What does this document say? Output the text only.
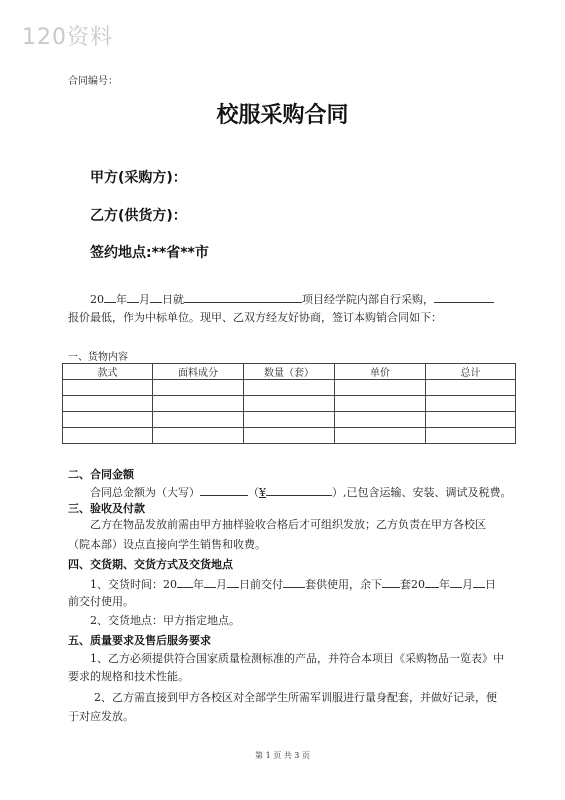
120资料
合同编号：
校服采购合同
甲方(采购方)：
乙方(供货方)：
签约地点:**省**市
20 年 月 日就	项目经学院内部自行采购，
报价最低，作为中标单位。现甲、乙双方经友好协商，签订本购销合同如下：
一、货物内容
款式	面料成分	数量（套）	单价	总计

二、合同金额
合同总金额为（大写）	（¥	）,已包含运输、安装、调试及税费。
三、验收及付款
乙方在物品发放前需由甲方抽样验收合格后才可组织发放；乙方负责在甲方各校区
（院本部）设点直接向学生销售和收费。
四、交货期、交货方式及交货地点
1、交货时间：20 年 月 日前交付 套供使用，余下 套20 年 月 日
前交付使用。
2、交货地点：甲方指定地点。
五、质量要求及售后服务要求
1、乙方必须提供符合国家质量检测标准的产品，并符合本项目《采购物品一览表》中
要求的规格和技术性能。
2、乙方需直接到甲方各校区对全部学生所需军训服进行量身配套，并做好记录，便
于对应发放。
第 1 页 共 3 页
